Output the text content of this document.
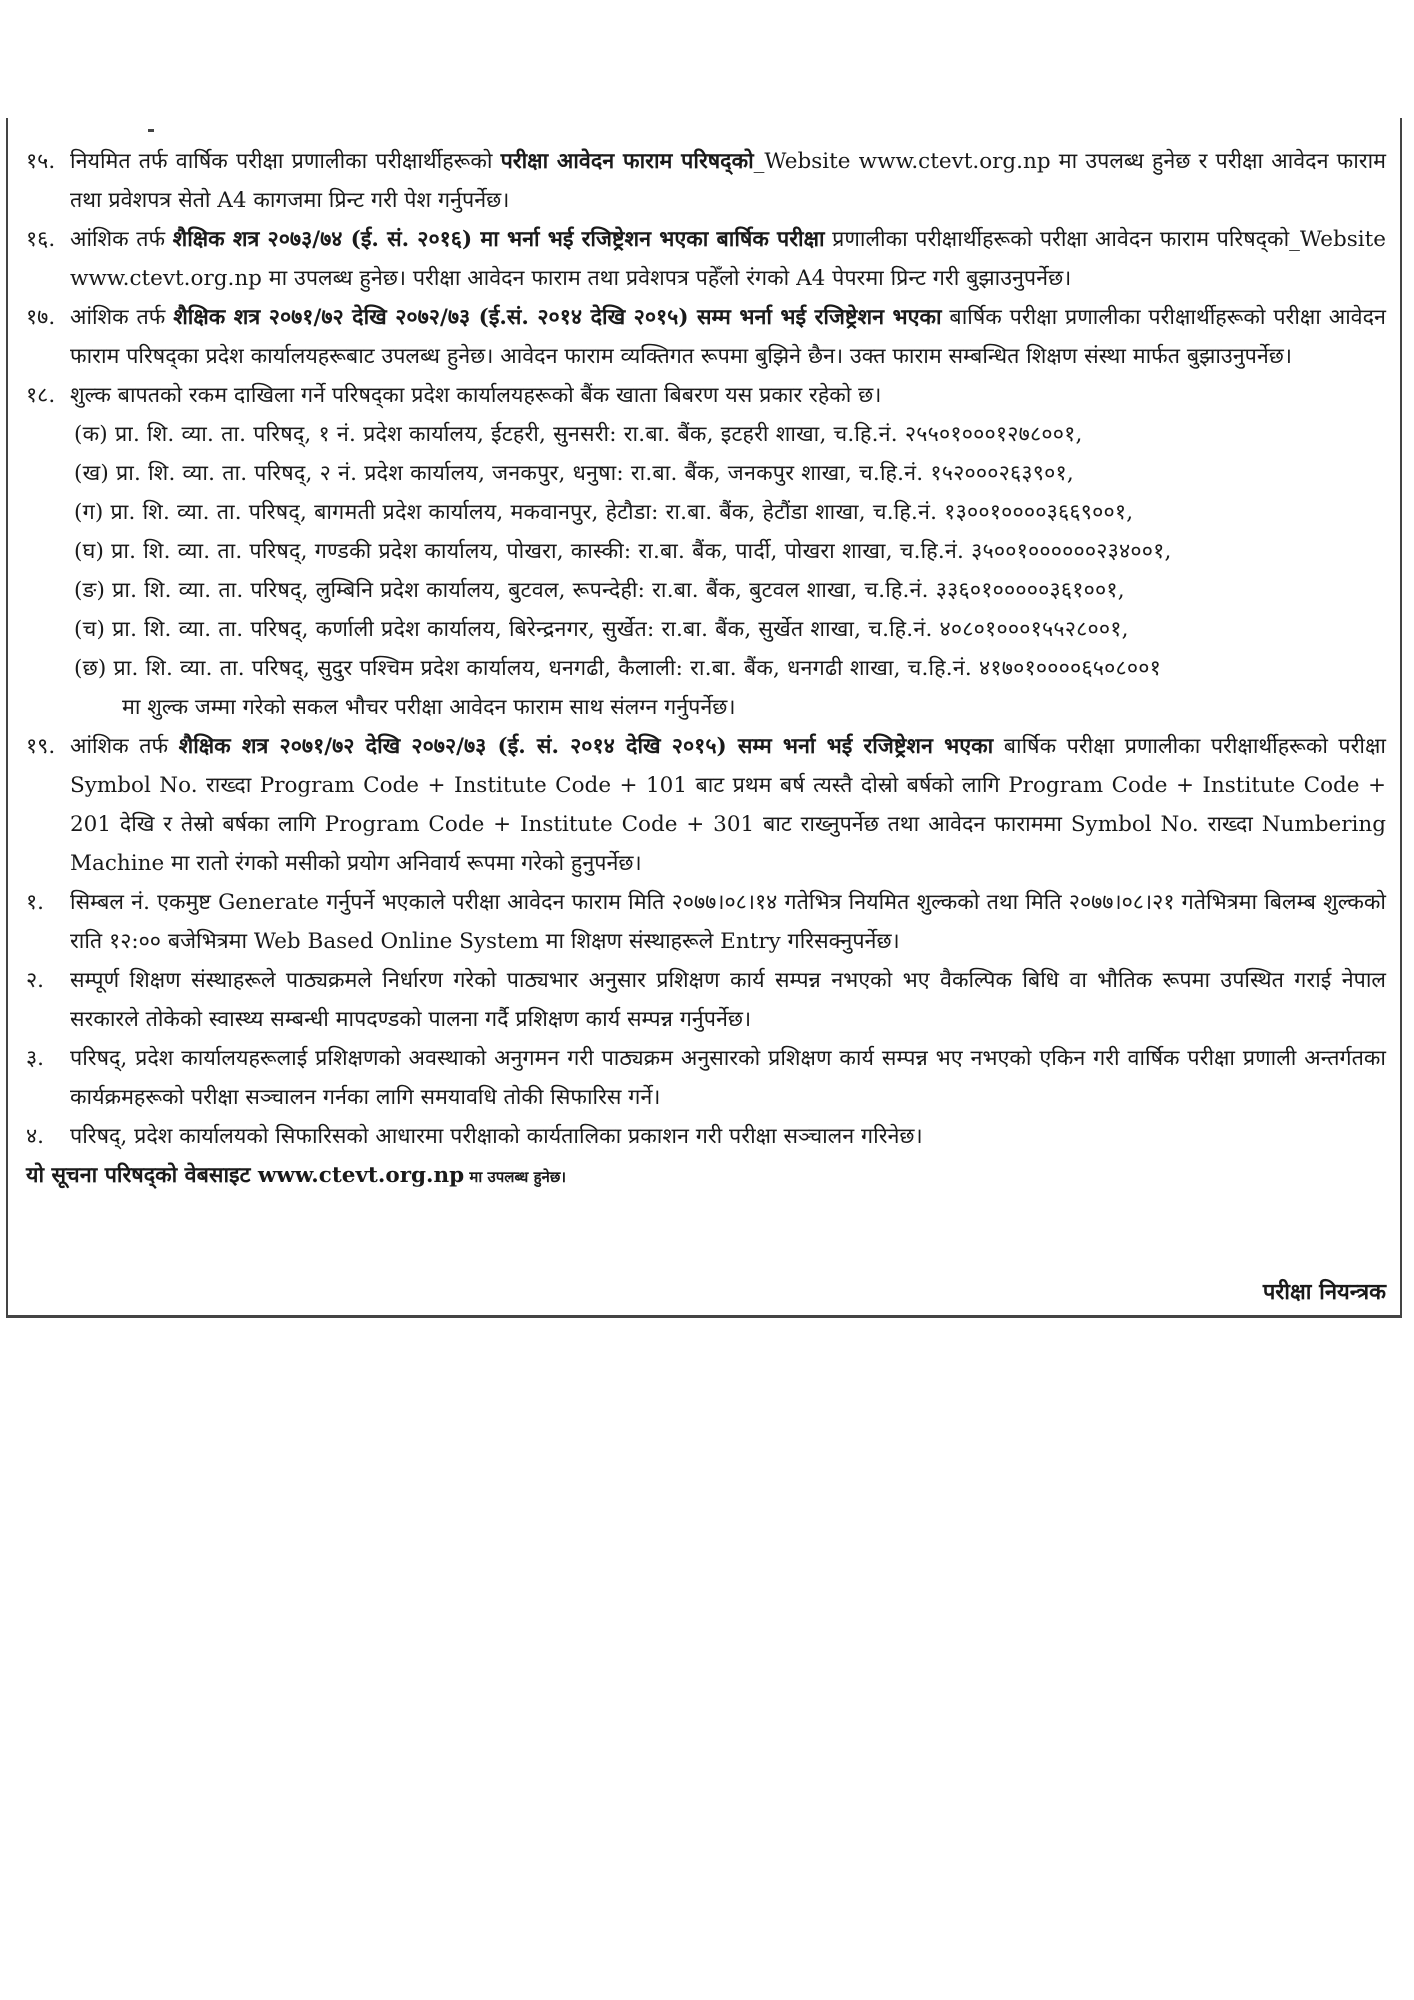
१५. नियमित तर्फ वार्षिक परीक्षा प्रणालीका परीक्षार्थीहरूको परीक्षा आवेदन फाराम परिषद्को_Website www.ctevt.org.np मा उपलब्ध हुनेछ र परीक्षा आवेदन फाराम तथा प्रवेशपत्र सेतो A4 कागजमा प्रिन्ट गरी पेश गर्नुपर्नेछ।
१६. आंशिक तर्फ शैक्षिक शत्र २०७३/७४ (ई. सं. २०१६) मा भर्ना भई रजिष्ट्रेशन भएका बार्षिक परीक्षा प्रणालीका परीक्षार्थीहरूको परीक्षा आवेदन फाराम परिषद्को_Website www.ctevt.org.np मा उपलब्ध हुनेछ। परीक्षा आवेदन फाराम तथा प्रवेशपत्र पहेँलो रंगको A4 पेपरमा प्रिन्ट गरी बुझाउनुपर्नेछ।
१७. आंशिक तर्फ शैक्षिक शत्र २०७१/७२ देखि २०७२/७३ (ई.सं. २०१४ देखि २०१५) सम्म भर्ना भई रजिष्ट्रेशन भएका बार्षिक परीक्षा प्रणालीका परीक्षार्थीहरूको परीक्षा आवेदन फाराम परिषद्का प्रदेश कार्यालयहरूबाट उपलब्ध हुनेछ। आवेदन फाराम व्यक्तिगत रूपमा बुझिने छैन। उक्त फाराम सम्बन्धित शिक्षण संस्था मार्फत बुझाउनुपर्नेछ।
१८. शुल्क बापतको रकम दाखिला गर्ने परिषद्का प्रदेश कार्यालयहरूको बैंक खाता बिबरण यस प्रकार रहेको छ।
(क) प्रा. शि. व्या. ता. परिषद्, १ नं. प्रदेश कार्यालय, ईटहरी, सुनसरी: रा.बा. बैंक, इटहरी शाखा, च.हि.नं. २५५०१०००१२७८००१,
(ख) प्रा. शि. व्या. ता. परिषद्, २ नं. प्रदेश कार्यालय, जनकपुर, धनुषा: रा.बा. बैंक, जनकपुर शाखा, च.हि.नं. १५२०००२६३९०१,
(ग) प्रा. शि. व्या. ता. परिषद्, बागमती प्रदेश कार्यालय, मकवानपुर, हेटौडा: रा.बा. बैंक, हेटौंडा शाखा, च.हि.नं. १३००१००००३६६९००१,
(घ) प्रा. शि. व्या. ता. परिषद्, गण्डकी प्रदेश कार्यालय, पोखरा, कास्की: रा.बा. बैंक, पार्दी, पोखरा शाखा, च.हि.नं. ३५००१००००००२३४००१,
(ङ) प्रा. शि. व्या. ता. परिषद्, लुम्बिनि प्रदेश कार्यालय, बुटवल, रूपन्देही: रा.बा. बैंक, बुटवल शाखा, च.हि.नं. ३३६०१०००००३६१००१,
(च) प्रा. शि. व्या. ता. परिषद्, कर्णाली प्रदेश कार्यालय, बिरेन्द्रनगर, सुर्खेत: रा.बा. बैंक, सुर्खेत शाखा, च.हि.नं. ४०८०१०००१५५२८००१,
(छ) प्रा. शि. व्या. ता. परिषद्, सुदुर पश्चिम प्रदेश कार्यालय, धनगढी, कैलाली: रा.बा. बैंक, धनगढी शाखा, च.हि.नं. ४१७०१००००६५०८००१
मा शुल्क जम्मा गरेको सकल भौचर परीक्षा आवेदन फाराम साथ संलग्न गर्नुपर्नेछ।
१९. आंशिक तर्फ शैक्षिक शत्र २०७१/७२ देखि २०७२/७३ (ई. सं. २०१४ देखि २०१५) सम्म भर्ना भई रजिष्ट्रेशन भएका बार्षिक परीक्षा प्रणालीका परीक्षार्थीहरूको परीक्षा Symbol No. राख्दा Program Code + Institute Code + 101 बाट प्रथम बर्ष त्यस्तै दोस्रो बर्षको लागि Program Code + Institute Code + 201 देखि र तेस्रो बर्षका लागि Program Code + Institute Code + 301 बाट राख्नुपर्नेछ तथा आवेदन फाराममा Symbol No. राख्दा Numbering Machine मा रातो रंगको मसीको प्रयोग अनिवार्य रूपमा गरेको हुनुपर्नेछ।
१.	सिम्बल नं. एकमुष्ट Generate गर्नुपर्ने भएकाले परीक्षा आवेदन फाराम मिति २०७७।०८।१४ गतेभित्र नियमित शुल्कको तथा मिति २०७७।०८।२१ गतेभित्रमा बिलम्ब शुल्कको राति १२:०० बजेभित्रमा Web Based Online System मा शिक्षण संस्थाहरूले Entry गरिसक्नुपर्नेछ।
२.	सम्पूर्ण शिक्षण संस्थाहरूले पाठ्यक्रमले निर्धारण गरेको पाठ्यभार अनुसार प्रशिक्षण कार्य सम्पन्न नभएको भए वैकल्पिक बिधि वा भौतिक रूपमा उपस्थित गराई नेपाल सरकारले तोकेको स्वास्थ्य सम्बन्धी मापदण्डको पालना गर्दै प्रशिक्षण कार्य सम्पन्न गर्नुपर्नेछ।
३.	परिषद्, प्रदेश कार्यालयहरूलाई प्रशिक्षणको अवस्थाको अनुगमन गरी पाठ्यक्रम अनुसारको प्रशिक्षण कार्य सम्पन्न भए नभएको एकिन गरी वार्षिक परीक्षा प्रणाली अन्तर्गतका कार्यक्रमहरूको परीक्षा सञ्चालन गर्नका लागि समयावधि तोकी सिफारिस गर्ने।
४.	परिषद्, प्रदेश कार्यालयको सिफारिसको आधारमा परीक्षाको कार्यतालिका प्रकाशन गरी परीक्षा सञ्चालन गरिनेछ।
यो सूचना परिषद्को वेबसाइट www.ctevt.org.np मा उपलब्ध हुनेछ।
परीक्षा नियन्त्रक
